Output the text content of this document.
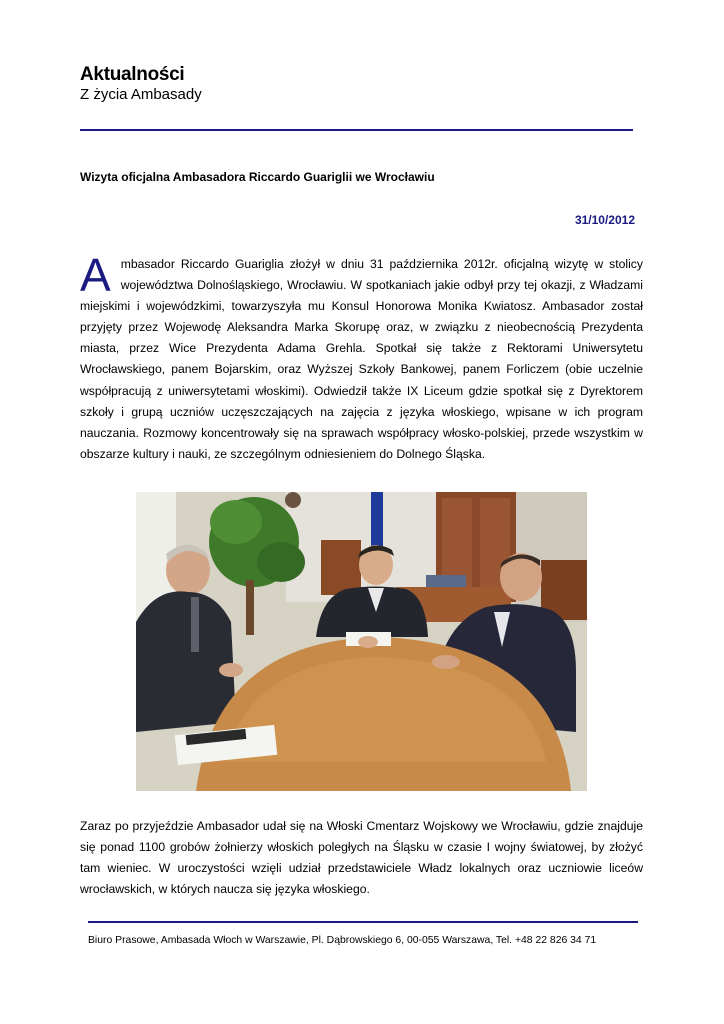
Aktualności
Z życia Ambasady
Wizyta oficjalna Ambasadora Riccardo Guariglii we Wrocławiu
31/10/2012
A mbasador Riccardo Guariglia złożył w dniu 31 października 2012r. oficjalną wizytę w stolicy województwa Dolnośląskiego, Wrocławiu. W spotkaniach jakie odbył przy tej okazji, z Władzami miejskimi i wojewódzkimi, towarzyszyła mu Konsul Honorowa Monika Kwiatosz. Ambasador został przyjęty przez Wojewodę Aleksandra Marka Skorupę oraz, w związku z nieobecnością Prezydenta miasta, przez Wice Prezydenta Adama Grehla. Spotkał się także z Rektorami Uniwersytetu Wrocławskiego, panem Bojarskim, oraz Wyższej Szkoły Bankowej, panem Forliczem (obie uczelnie współpracują z uniwersytetami włoskimi). Odwiedził także IX Liceum gdzie spotkał się z Dyrektorem szkoły i grupą uczniów uczęszczających na zajęcia z języka włoskiego, wpisane w ich program nauczania. Rozmowy koncentrowały się na sprawach współpracy włosko-polskiej, przede wszystkim w obszarze kultury i nauki, ze szczególnym odniesieniem do Dolnego Śląska.
Zaraz po przyjeździe Ambasador udał się na Włoski Cmentarz Wojskowy we Wrocławiu, gdzie znajduje się ponad 1100 grobów żołnierzy włoskich poległych na Śląsku w czasie I wojny światowej, by złożyć tam wieniec. W uroczystości wzięli udział przedstawiciele Władz lokalnych oraz uczniowie liceów wrocławskich, w których naucza się języka włoskiego.
Biuro Prasowe, Ambasada Włoch w Warszawie, Pl. Dąbrowskiego 6, 00-055 Warszawa, Tel. +48 22 826 34 71
